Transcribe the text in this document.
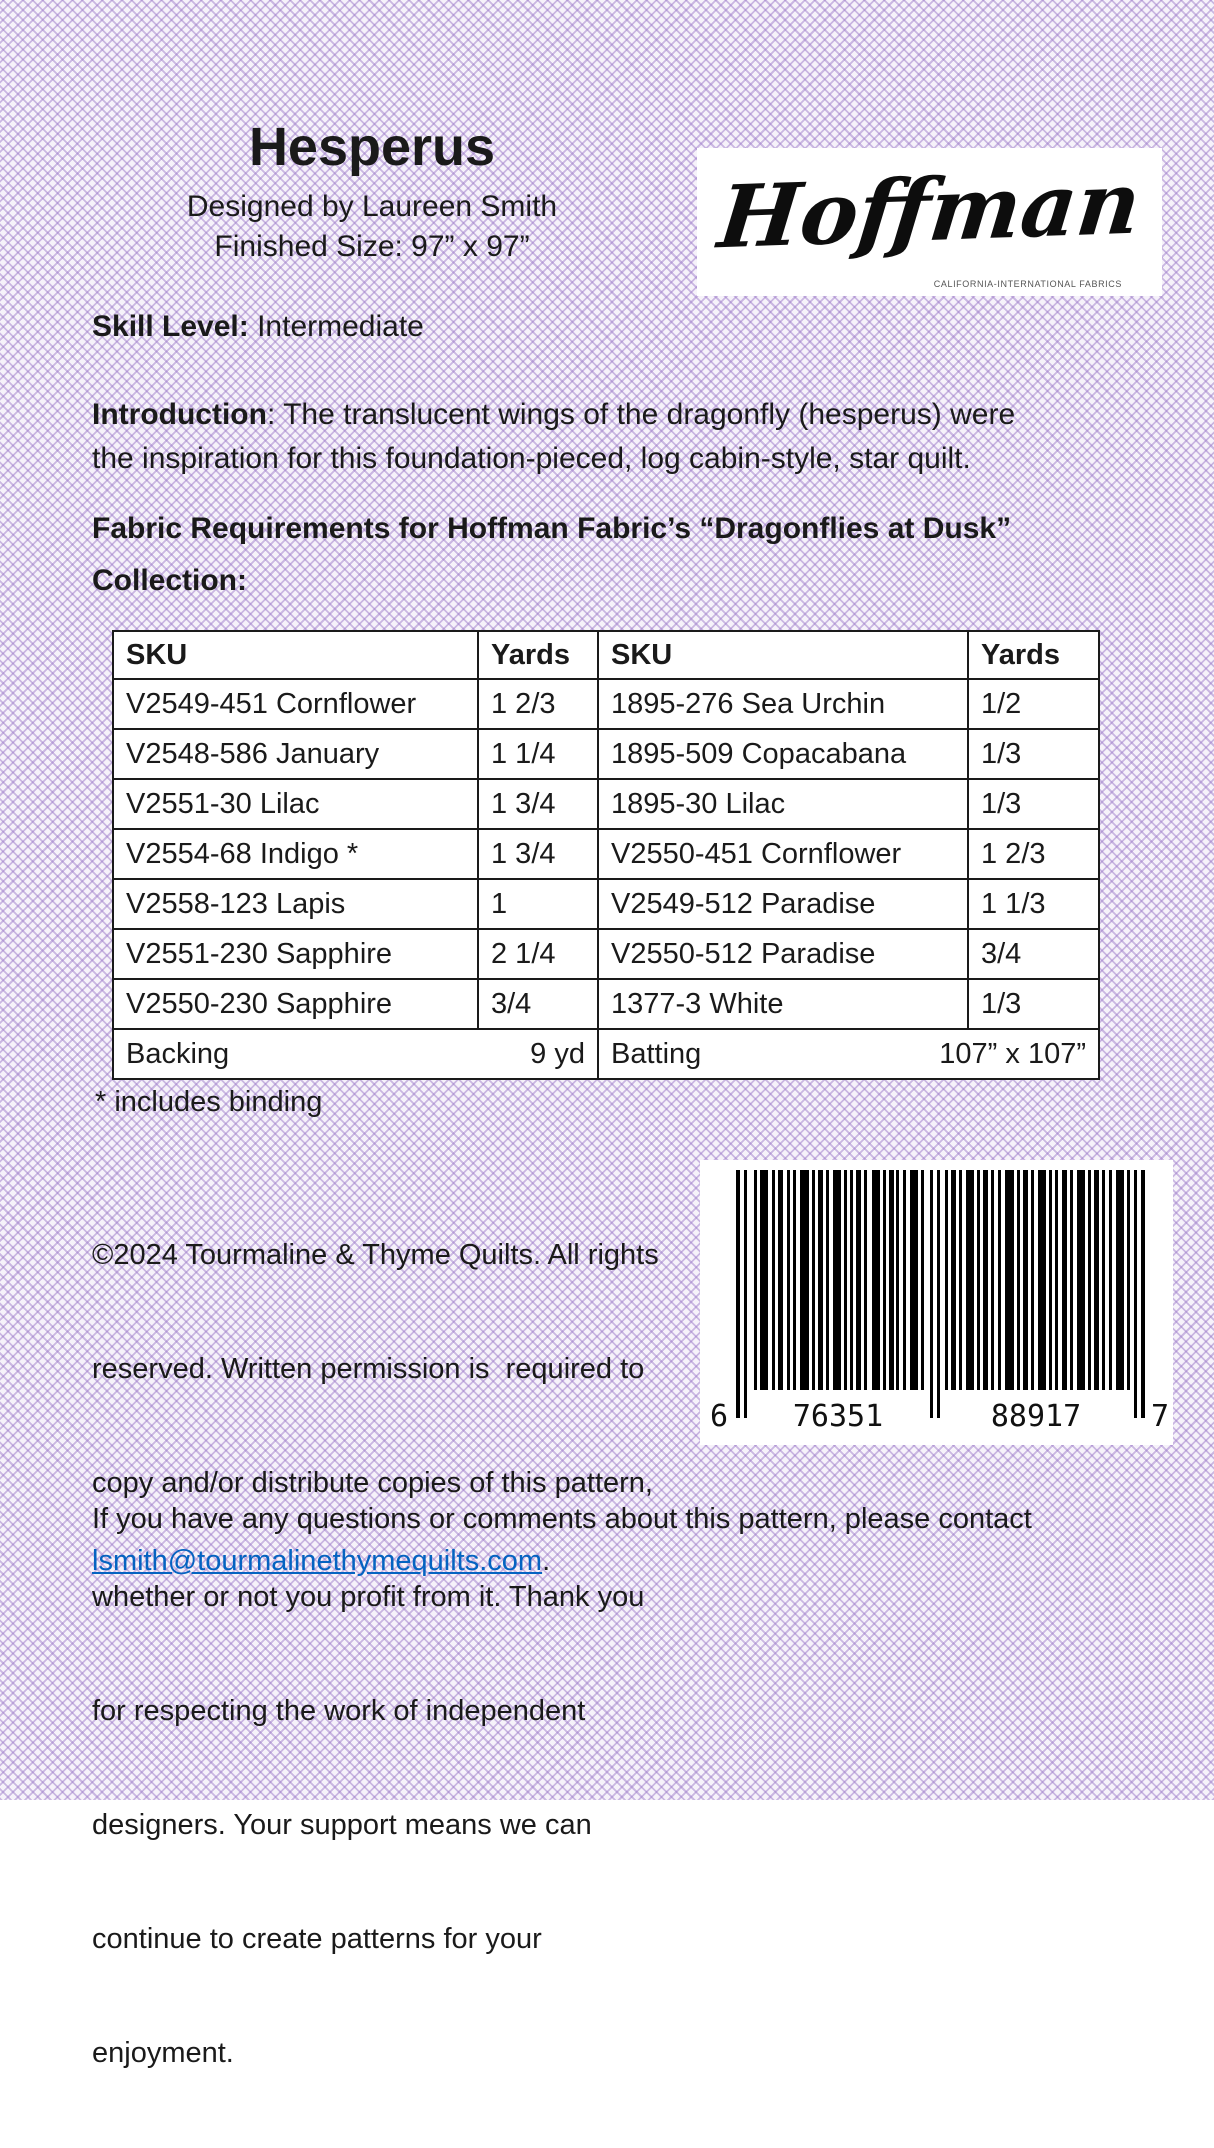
Hesperus
Designed by Laureen Smith
Finished Size: 97” x 97”	Hoffman
CALIFORNIA-INTERNATIONAL FABRICS
Skill Level: Intermediate
Introduction: The translucent wings of the dragonfly (hesperus) were
the inspiration for this foundation-pieced, log cabin-style, star quilt.
Fabric Requirements for Hoffman Fabric’s “Dragonflies at Dusk”
Collection:
SKU	Yards	SKU	Yards
V2549-451 Cornflower	1 2/3	1895-276 Sea Urchin	1/2
V2548-586 January	1 1/4	1895-509 Copacabana	1/3
V2551-30 Lilac	1 3/4	1895-30 Lilac	1/3
V2554-68 Indigo *	1 3/4	V2550-451 Cornflower	1 2/3
V2558-123 Lapis	1	V2549-512 Paradise	1 1/3
V2551-230 Sapphire	2 1/4	V2550-512 Paradise	3/4
V2550-230 Sapphire	3/4	1377-3 White	1/3

Backing 9 yd		Batting 107” x 107”	
* includes binding

©2024 Tourmaline & Thyme Quilts. All rights

reserved. Written permission is  required to

copy and/or distribute copies of this pattern,

whether or not you profit from it. Thank you

for respecting the work of independent

designers. Your support means we can

continue to create patterns for your

enjoyment.

6 76351	88917 7
If you have any questions or comments about this pattern, please contact
lsmith@tourmalinethymequilts.com.
